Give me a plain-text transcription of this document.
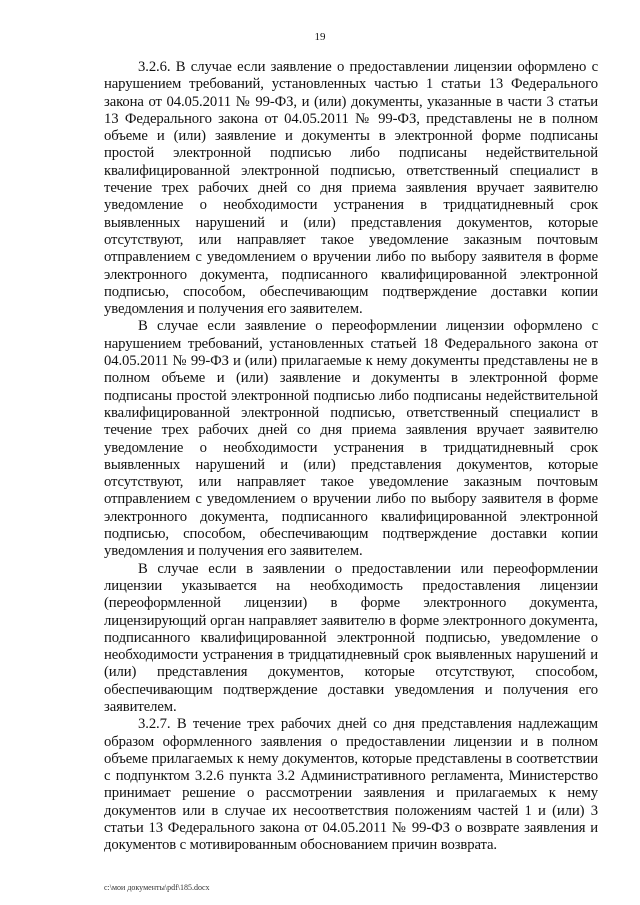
19

3.2.6. В случае если заявление о предоставлении лицензии оформлено с нарушением требований, установленных частью 1 статьи 13 Федерального закона от 04.05.2011 № 99-ФЗ, и (или) документы, указанные в части 3 статьи 13 Федерального закона от 04.05.2011 № 99-ФЗ, представлены не в полном объеме и (или) заявление и документы в электронной форме подписаны простой электронной подписью либо подписаны недействительной квалифицированной электронной подписью, ответственный специалист в течение трех рабочих дней со дня приема заявления вручает заявителю уведомление о необходимости устранения в тридцатидневный срок выявленных нарушений и (или) представления документов, которые отсутствуют, или направляет такое уведомление заказным почтовым отправлением с уведомлением о вручении либо по выбору заявителя в форме электронного документа, подписанного квалифицированной электронной подписью, способом, обеспечивающим подтверждение доставки копии уведомления и получения его заявителем.

В случае если заявление о переоформлении лицензии оформлено с нарушением требований, установленных статьей 18 Федерального закона от 04.05.2011 № 99-ФЗ и (или) прилагаемые к нему документы представлены не в полном объеме и (или) заявление и документы в электронной форме подписаны простой электронной подписью либо подписаны недействительной квалифицированной электронной подписью, ответственный специалист в течение трех рабочих дней со дня приема заявления вручает заявителю уведомление о необходимости устранения в тридцатидневный срок выявленных нарушений и (или) представления документов, которые отсутствуют, или направляет такое уведомление заказным почтовым отправлением с уведомлением о вручении либо по выбору заявителя в форме электронного документа, подписанного квалифицированной электронной подписью, способом, обеспечивающим подтверждение доставки копии уведомления и получения его заявителем.

В случае если в заявлении о предоставлении или переоформлении лицензии указывается на необходимость предоставления лицензии (переоформленной лицензии) в форме электронного документа, лицензирующий орган направляет заявителю в форме электронного документа, подписанного квалифицированной электронной подписью, уведомление о необходимости устранения в тридцатидневный срок выявленных нарушений и (или) представления документов, которые отсутствуют, способом, обеспечивающим подтверждение доставки уведомления и получения его заявителем.

3.2.7. В течение трех рабочих дней со дня представления надлежащим образом оформленного заявления о предоставлении лицензии и в полном объеме прилагаемых к нему документов, которые представлены в соответствии с подпунктом 3.2.6 пункта 3.2 Административного регламента, Министерство принимает решение о рассмотрении заявления и прилагаемых к нему документов или в случае их несоответствия положениям частей 1 и (или) 3 статьи 13 Федерального закона от 04.05.2011 № 99-ФЗ о возврате заявления и документов с мотивированным обоснованием причин возврата.

c:\мои документы\pdf\185.docx
